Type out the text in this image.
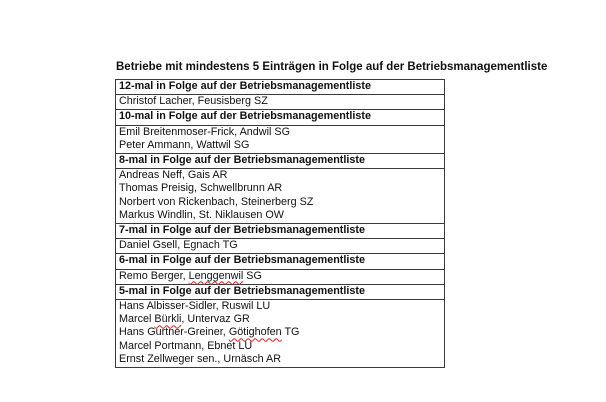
Betriebe mit mindestens 5 Einträgen in Folge auf der Betriebsmanagementliste
12-mal in Folge auf der Betriebsmanagementliste

Christof Lacher, Feusisberg SZ

10-mal in Folge auf der Betriebsmanagementliste

Emil Breitenmoser-Frick, Andwil SG
Peter Ammann, Wattwil SG

8-mal in Folge auf der Betriebsmanagementliste

Andreas Neff, Gais AR
Thomas Preisig, Schwellbrunn AR
Norbert von Rickenbach, Steinerberg SZ
Markus Windlin, St. Niklausen OW

7-mal in Folge auf der Betriebsmanagementliste

Daniel Gsell, Egnach TG

6-mal in Folge auf der Betriebsmanagementliste

Remo Berger, Lenggenwil SG

5-mal in Folge auf der Betriebsmanagementliste

Hans Albisser-Sidler, Ruswil LU
Marcel Bürkli, Untervaz GR
Hans Gurtner-Greiner, Götighofen TG
Marcel Portmann, Ebnet LU
Ernst Zellweger sen., Urnäsch AR
